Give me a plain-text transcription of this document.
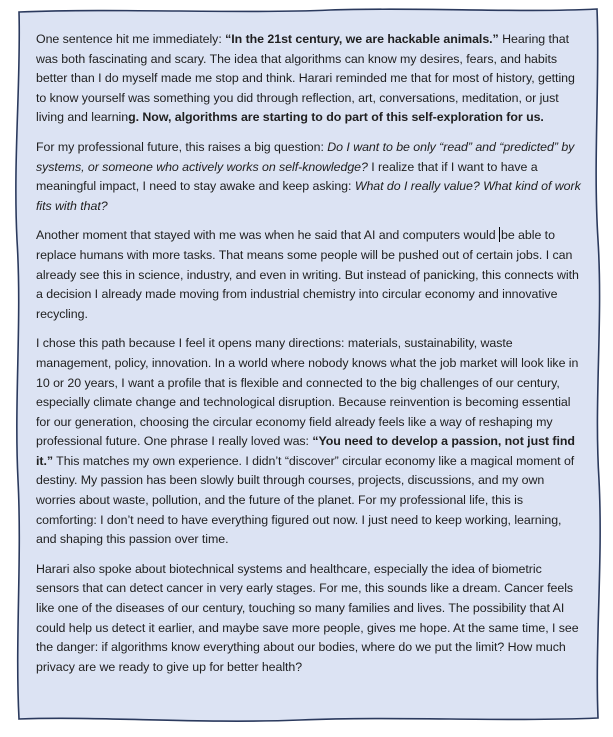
One sentence hit me immediately: “In the 21st century, we are hackable animals.” Hearing that was both fascinating and scary. The idea that algorithms can know my desires, fears, and habits better than I do myself made me stop and think. Harari reminded me that for most of history, getting to know yourself was something you did through reflection, art, conversations, meditation, or just living and learning. Now, algorithms are starting to do part of this self-exploration for us.

For my professional future, this raises a big question: Do I want to be only “read” and “predicted” by systems, or someone who actively works on self-knowledge? I realize that if I want to have a meaningful impact, I need to stay awake and keep asking: What do I really value? What kind of work fits with that?

Another moment that stayed with me was when he said that AI and computers would be able to replace humans with more tasks. That means some people will be pushed out of certain jobs. I can already see this in science, industry, and even in writing. But instead of panicking, this connects with a decision I already made moving from industrial chemistry into circular economy and innovative recycling.

I chose this path because I feel it opens many directions: materials, sustainability, waste management, policy, innovation. In a world where nobody knows what the job market will look like in 10 or 20 years, I want a profile that is flexible and connected to the big challenges of our century, especially climate change and technological disruption. Because reinvention is becoming essential for our generation, choosing the circular economy field already feels like a way of reshaping my professional future. One phrase I really loved was: “You need to develop a passion, not just find it.” This matches my own experience. I didn’t “discover” circular economy like a magical moment of destiny. My passion has been slowly built through courses, projects, discussions, and my own worries about waste, pollution, and the future of the planet. For my professional life, this is comforting: I don’t need to have everything figured out now. I just need to keep working, learning, and shaping this passion over time.

Harari also spoke about biotechnical systems and healthcare, especially the idea of biometric sensors that can detect cancer in very early stages. For me, this sounds like a dream. Cancer feels like one of the diseases of our century, touching so many families and lives. The possibility that AI could help us detect it earlier, and maybe save more people, gives me hope. At the same time, I see the danger: if algorithms know everything about our bodies, where do we put the limit? How much privacy are we ready to give up for better health?
